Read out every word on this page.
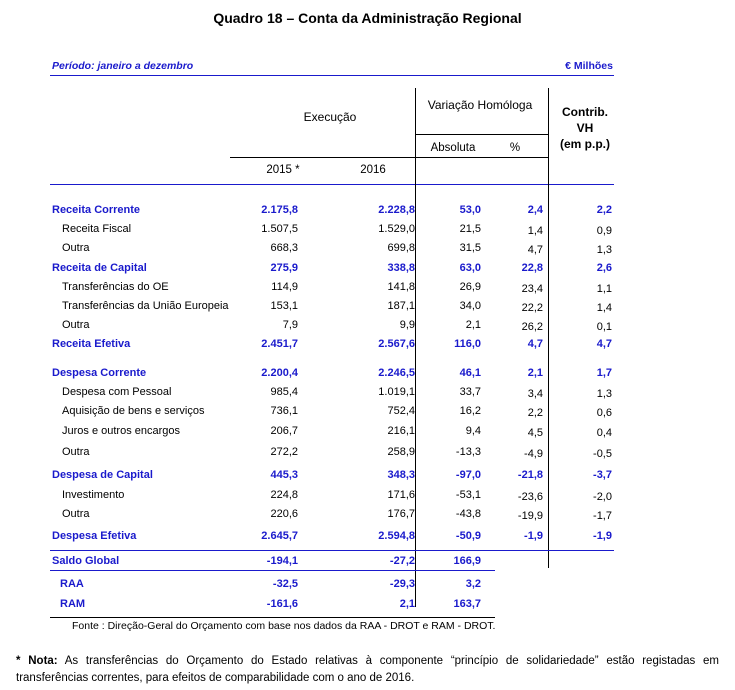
Quadro 18 – Conta da Administração Regional
Período: janeiro a dezembro	€ Milhões
Execução
Variação Homóloga	Contrib.
VH
(em p.p.)
Absoluta	%
2015 *	2016
Receita Corrente	2.175,8	2.228,8	53,0	2,4	2,2
Receita Fiscal	1.507,5	1.529,0	21,5	1,4	0,9
Outra	668,3	699,8	31,5	4,7	1,3
Receita de Capital	275,9	338,8	63,0	22,8	2,6
Transferências do OE	114,9	141,8	26,9	23,4	1,1
Transferências da União Europeia	153,1	187,1	34,0	22,2	1,4
Outra	7,9	9,9	2,1	26,2	0,1
Receita Efetiva	2.451,7	2.567,6	116,0	4,7	4,7
Despesa Corrente	2.200,4	2.246,5	46,1	2,1	1,7
Despesa com Pessoal	985,4	1.019,1	33,7	3,4	1,3
Aquisição de bens e serviços	736,1	752,4	16,2	2,2	0,6
Juros e outros encargos	206,7	216,1	9,4	4,5	0,4
Outra	272,2	258,9	-13,3	-4,9	-0,5
Despesa de Capital	445,3	348,3	-97,0	-21,8	-3,7
Investimento	224,8	171,6	-53,1	-23,6	-2,0
Outra	220,6	176,7	-43,8	-19,9	-1,7
Despesa Efetiva	2.645,7	2.594,8	-50,9	-1,9	-1,9
Saldo Global	-194,1	-27,2	166,9
RAA	-32,5	-29,3	3,2
RAM	-161,6	2,1	163,7
Fonte : Direção-Geral do Orçamento com base nos dados da RAA - DROT e RAM - DROT.
* Nota: As transferências do Orçamento do Estado relativas à componente “princípio de solidariedade” estão registadas em transferências correntes, para efeitos de comparabilidade com o ano de 2016.
